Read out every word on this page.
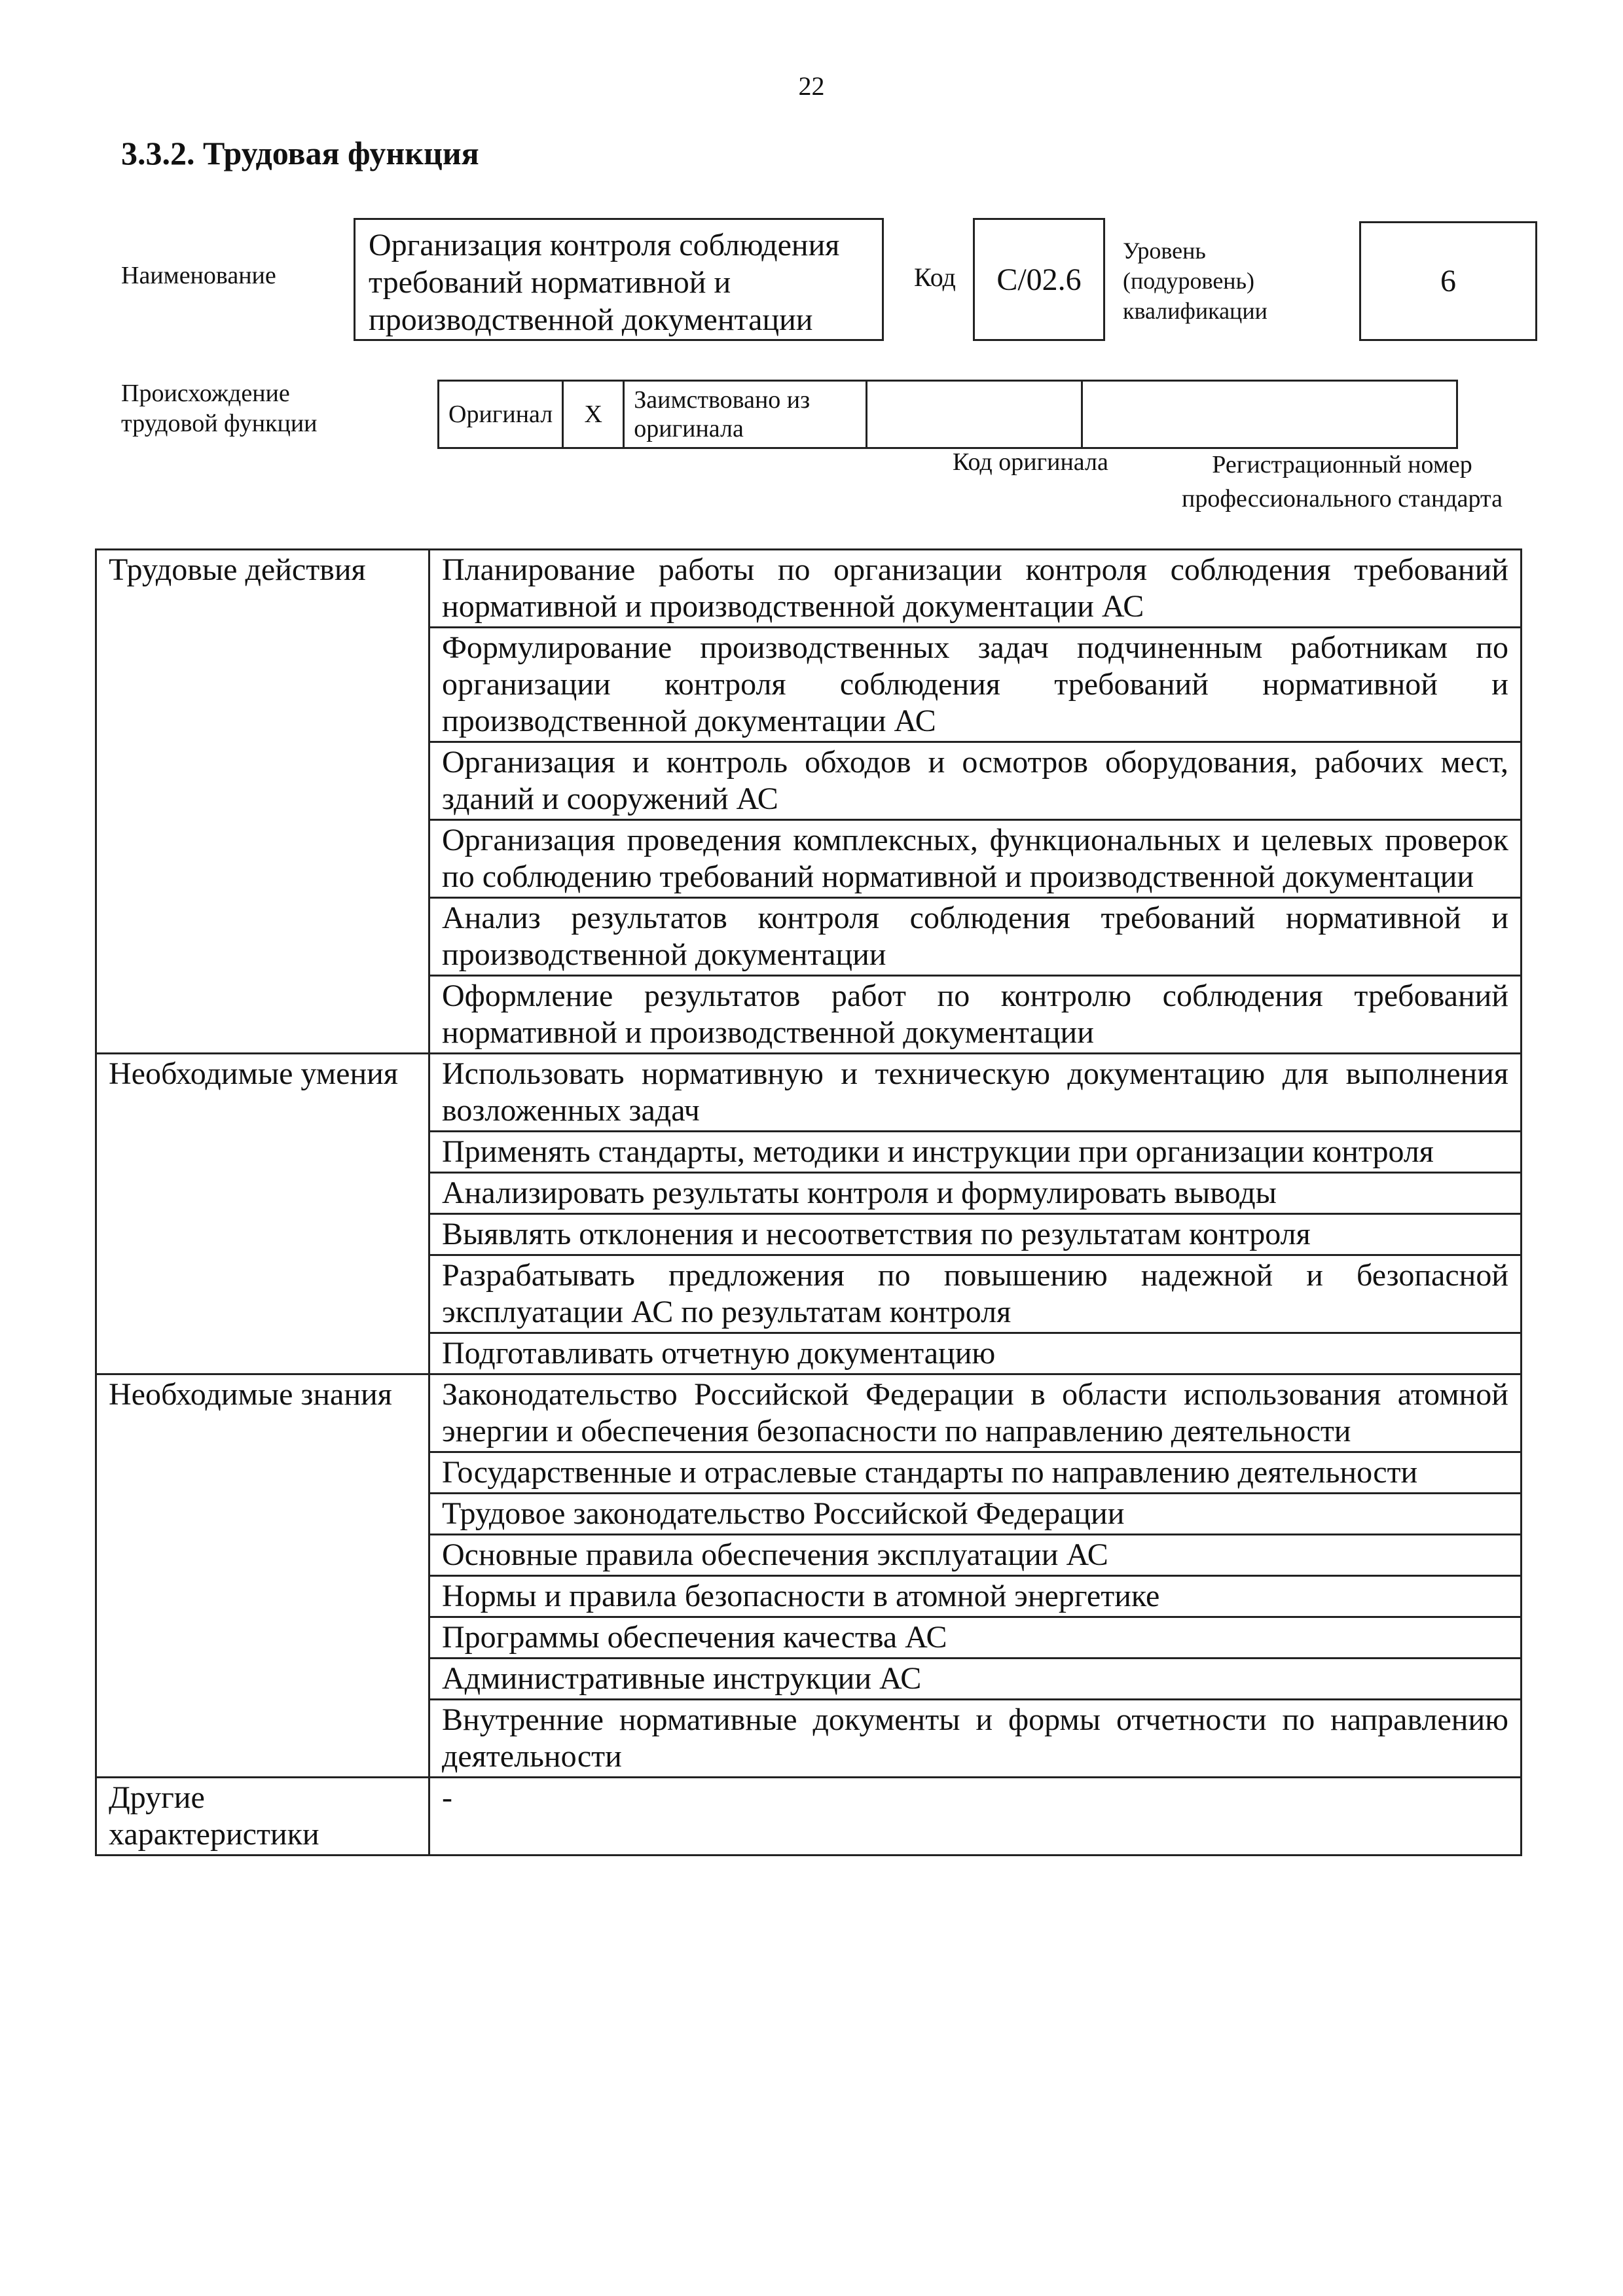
22
3.3.2. Трудовая функция
Наименование
Организация контроля соблюдения требований нормативной и производственной документации
Код С/02.6
Уровень
(подуровень)
квалификации
6
Происхождение
трудовой функции	Оригинал	X	Заимствовано из оригинала		
Код оригинала	Регистрационный номер профессионального стандарта
Трудовые действия	Планирование работы по организации контроля соблюдения требований нормативной и производственной документации АС
	Формулирование производственных задач подчиненным работникам по организации контроля соблюдения требований нормативной и производственной документации АС
	Организация и контроль обходов и осмотров оборудования, рабочих мест, зданий и сооружений АС
	Организация проведения комплексных, функциональных и целевых проверок по соблюдению требований нормативной и производственной документации
	Анализ результатов контроля соблюдения требований нормативной и производственной документации
	Оформление результатов работ по контролю соблюдения требований нормативной и производственной документации
Необходимые умения	Использовать нормативную и техническую документацию для выполнения возложенных задач
	Применять стандарты, методики и инструкции при организации контроля
	Анализировать результаты контроля и формулировать выводы
	Выявлять отклонения и несоответствия по результатам контроля
	Разрабатывать предложения по повышению надежной и безопасной эксплуатации АС по результатам контроля
	Подготавливать отчетную документацию
Необходимые знания	Законодательство Российской Федерации в области использования атомной энергии и обеспечения безопасности по направлению деятельности
	Государственные и отраслевые стандарты по направлению деятельности
	Трудовое законодательство Российской Федерации
	Основные правила обеспечения эксплуатации АС
	Нормы и правила безопасности в атомной энергетике
	Программы обеспечения качества АС
	Административные инструкции АС
	Внутренние нормативные документы и формы отчетности по направлению деятельности
Другие характеристики	-
